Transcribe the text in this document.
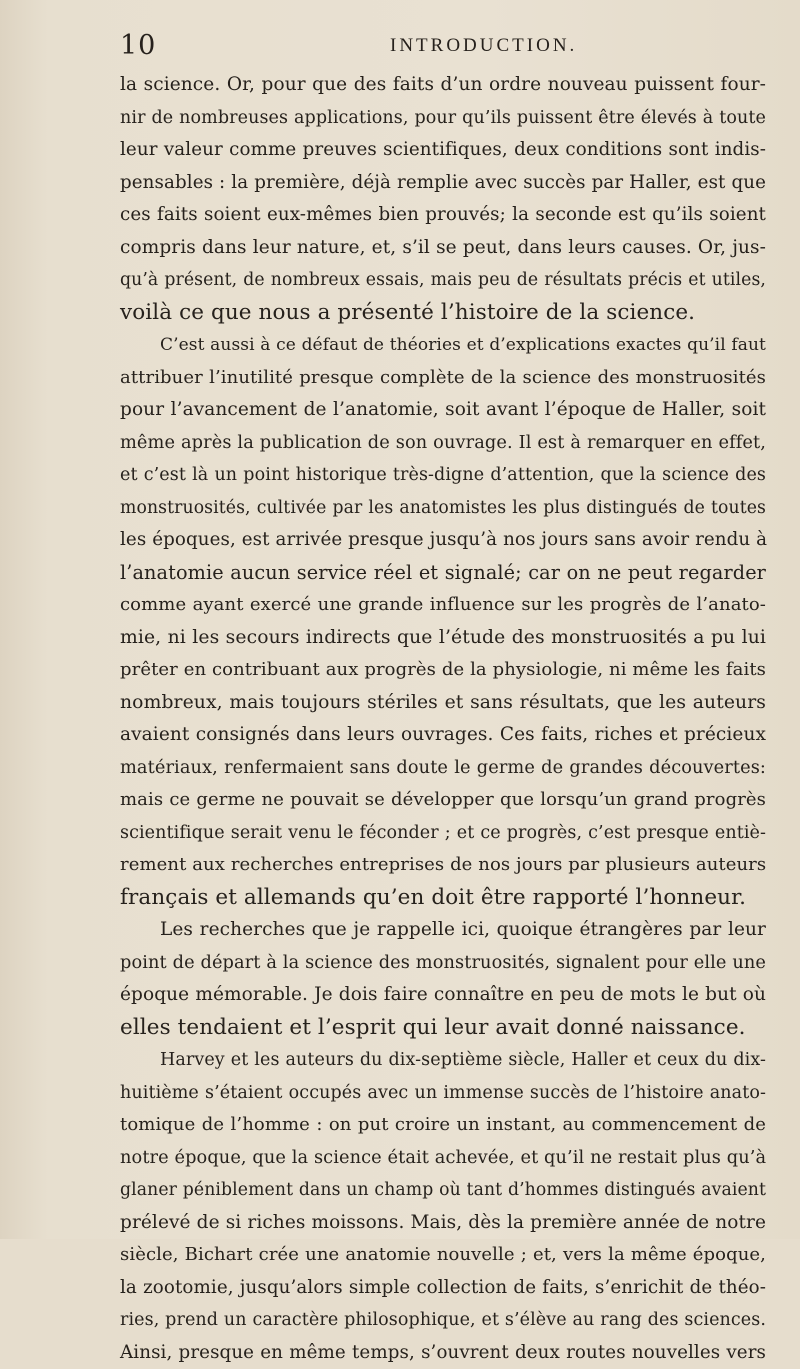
10	INTRODUCTION.
la science. Or, pour que des faits d’un ordre nouveau puissent four-
nir de nombreuses applications, pour qu’ils puissent être élevés à toute
leur valeur comme preuves scientifiques, deux conditions sont indis-
pensables : la première, déjà remplie avec succès par Haller, est que
ces faits soient eux-mêmes bien prouvés; la seconde est qu’ils soient
compris dans leur nature, et, s’il se peut, dans leurs causes. Or, jus-
qu’à présent, de nombreux essais, mais peu de résultats précis et utiles,
voilà ce que nous a présenté l’histoire de la science.
C’est aussi à ce défaut de théories et d’explications exactes qu’il faut
attribuer l’inutilité presque complète de la science des monstruosités
pour l’avancement de l’anatomie, soit avant l’époque de Haller, soit
même après la publication de son ouvrage. Il est à remarquer en effet,
et c’est là un point historique très-digne d’attention, que la science des
monstruosités, cultivée par les anatomistes les plus distingués de toutes
les époques, est arrivée presque jusqu’à nos jours sans avoir rendu à
l’anatomie aucun service réel et signalé; car on ne peut regarder
comme ayant exercé une grande influence sur les progrès de l’anato-
mie, ni les secours indirects que l’étude des monstruosités a pu lui
prêter en contribuant aux progrès de la physiologie, ni même les faits
nombreux, mais toujours stériles et sans résultats, que les auteurs
avaient consignés dans leurs ouvrages. Ces faits, riches et précieux
matériaux, renfermaient sans doute le germe de grandes découvertes:
mais ce germe ne pouvait se développer que lorsqu’un grand progrès
scientifique serait venu le féconder ; et ce progrès, c’est presque entiè-
rement aux recherches entreprises de nos jours par plusieurs auteurs
français et allemands qu’en doit être rapporté l’honneur.
Les recherches que je rappelle ici, quoique étrangères par leur
point de départ à la science des monstruosités, signalent pour elle une
époque mémorable. Je dois faire connaître en peu de mots le but où
elles tendaient et l’esprit qui leur avait donné naissance.
Harvey et les auteurs du dix-septième siècle, Haller et ceux du dix-
huitième s’étaient occupés avec un immense succès de l’histoire anato-
tomique de l’homme : on put croire un instant, au commencement de
notre époque, que la science était achevée, et qu’il ne restait plus qu’à
glaner péniblement dans un champ où tant d’hommes distingués avaient
prélevé de si riches moissons. Mais, dès la première année de notre
siècle, Bichart crée une anatomie nouvelle ; et, vers la même époque,
la zootomie, jusqu’alors simple collection de faits, s’enrichit de théo-
ries, prend un caractère philosophique, et s’élève au rang des sciences.
Ainsi, presque en même temps, s’ouvrent deux routes nouvelles vers
